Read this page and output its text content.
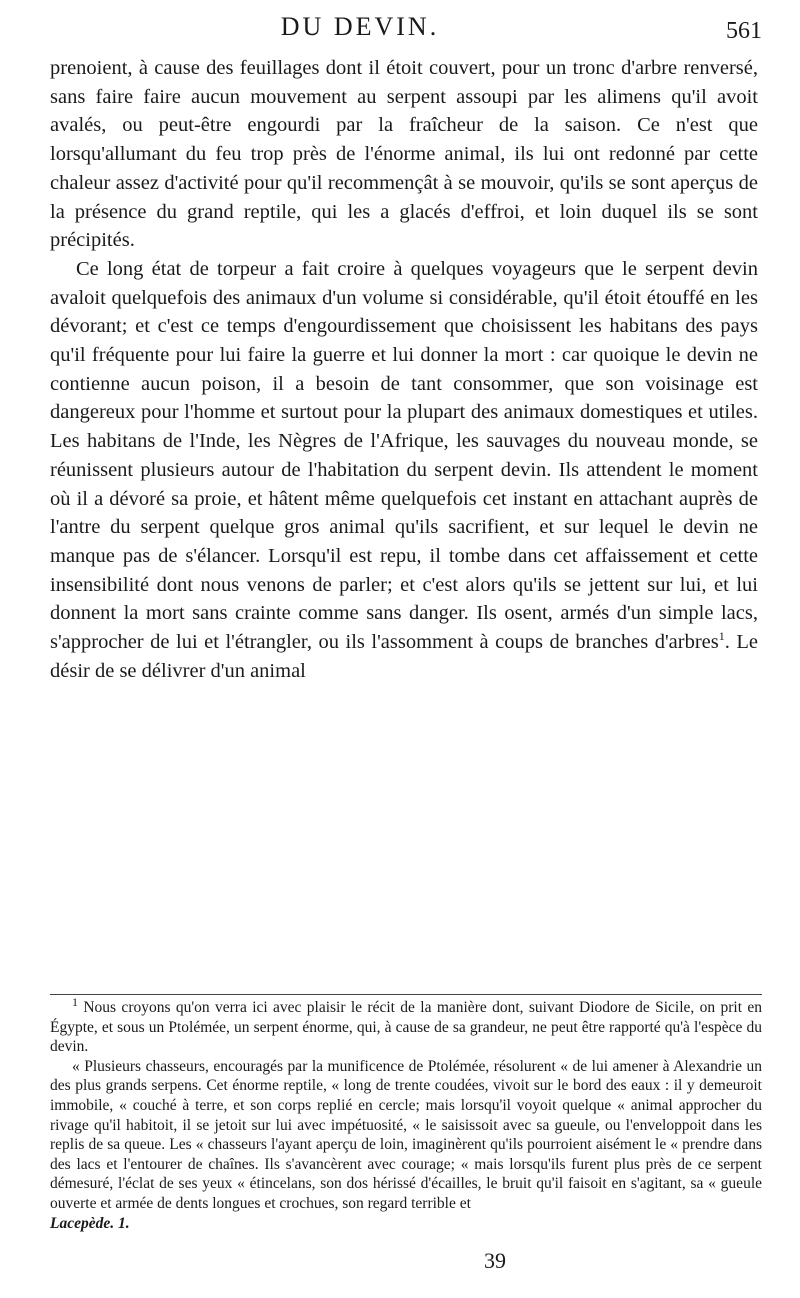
DU DEVIN.	561

prenoient, à cause des feuillages dont il étoit couvert, pour un tronc d'arbre renversé, sans faire faire aucun mouvement au serpent assoupi par les alimens qu'il avoit avalés, ou peut-être engourdi par la fraîcheur de la saison. Ce n'est que lorsqu'allumant du feu trop près de l'énorme animal, ils lui ont redonné par cette chaleur assez d'activité pour qu'il recommençât à se mouvoir, qu'ils se sont aperçus de la présence du grand reptile, qui les a glacés d'effroi, et loin duquel ils se sont précipités.

Ce long état de torpeur a fait croire à quelques voyageurs que le serpent devin avaloit quelquefois des animaux d'un volume si considérable, qu'il étoit étouffé en les dévorant; et c'est ce temps d'engourdissement que choisissent les habitans des pays qu'il fréquente pour lui faire la guerre et lui donner la mort : car quoique le devin ne contienne aucun poison, il a besoin de tant consommer, que son voisinage est dangereux pour l'homme et surtout pour la plupart des animaux domestiques et utiles. Les habitans de l'Inde, les Nègres de l'Afrique, les sauvages du nouveau monde, se réunissent plusieurs autour de l'habitation du serpent devin. Ils attendent le moment où il a dévoré sa proie, et hâtent même quelquefois cet instant en attachant auprès de l'antre du serpent quelque gros animal qu'ils sacrifient, et sur lequel le devin ne manque pas de s'élancer. Lorsqu'il est repu, il tombe dans cet affaissement et cette insensibilité dont nous venons de parler; et c'est alors qu'ils se jettent sur lui, et lui donnent la mort sans crainte comme sans danger. Ils osent, armés d'un simple lacs, s'approcher de lui et l'étrangler, ou ils l'assomment à coups de branches d'arbres$^1$. Le désir de se délivrer d'un animal

$^1$ Nous croyons qu'on verra ici avec plaisir le récit de la manière dont, suivant Diodore de Sicile, on prit en Égypte, et sous un Ptolémée, un serpent énorme, qui, à cause de sa grandeur, ne peut être rapporté qu'à l'espèce du devin.

« Plusieurs chasseurs, encouragés par la munificence de Ptolémée, résolurent « de lui amener à Alexandrie un des plus grands serpens. Cet énorme reptile, « long de trente coudées, vivoit sur le bord des eaux : il y demeuroit immobile, « couché à terre, et son corps replié en cercle; mais lorsqu'il voyoit quelque « animal approcher du rivage qu'il habitoit, il se jetoit sur lui avec impétuosité, « le saisissoit avec sa gueule, ou l'enveloppoit dans les replis de sa queue. Les « chasseurs l'ayant aperçu de loin, imaginèrent qu'ils pourroient aisément le « prendre dans des lacs et l'entourer de chaînes. Ils s'avancèrent avec courage; « mais lorsqu'ils furent plus près de ce serpent démesuré, l'éclat de ses yeux « étincelans, son dos hérissé d'écailles, le bruit qu'il faisoit en s'agitant, sa « gueule ouverte et armée de dents longues et crochues, son regard terrible et

Lacepède. 1.

39
